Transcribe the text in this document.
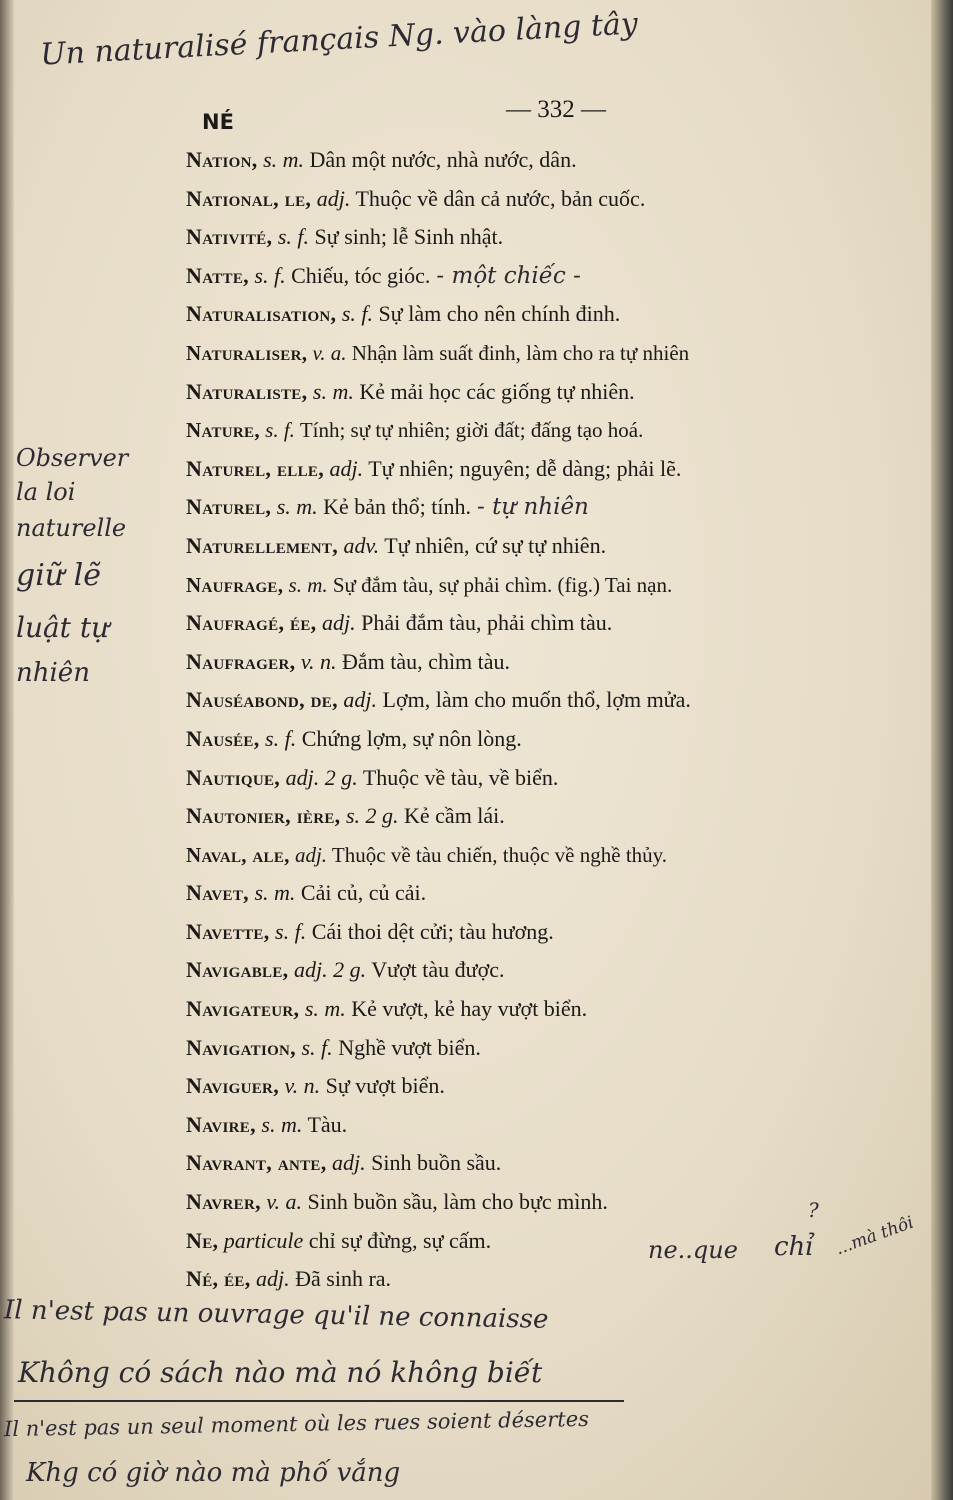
Un naturalisé français Ng. vào làng tây
NÉ	— 332 —
Nation, s. m. Dân một nước, nhà nước, dân.
National, le, adj. Thuộc về dân cả nước, bản cuốc.
Nativité, s. f. Sự sinh; lễ Sinh nhật.
Natte, s. f. Chiếu, tóc gióc. - một chiếc -
Naturalisation, s. f. Sự làm cho nên chính đinh.
Naturaliser, v. a. Nhận làm suất đinh, làm cho ra tự nhiên
Naturaliste, s. m. Kẻ mải học các giống tự nhiên.
Nature, s. f. Tính; sự tự nhiên; giời đất; đấng tạo hoá.
Naturel, elle, adj. Tự nhiên; nguyên; dễ dàng; phải lẽ.
Naturel, s. m. Kẻ bản thổ; tính. - tự nhiên
Naturellement, adv. Tự nhiên, cứ sự tự nhiên.
Naufrage, s. m. Sự đắm tàu, sự phải chìm. (fig.) Tai nạn.
Naufragé, ée, adj. Phải đắm tàu, phải chìm tàu.
Naufrager, v. n. Đắm tàu, chìm tàu.
Nauséabond, de, adj. Lợm, làm cho muốn thổ, lợm mửa.
Nausée, s. f. Chứng lợm, sự nôn lòng.
Nautique, adj. 2 g. Thuộc về tàu, về biển.
Nautonier, ière, s. 2 g. Kẻ cầm lái.
Naval, ale, adj. Thuộc về tàu chiến, thuộc về nghề thủy.
Navet, s. m. Cải củ, củ cải.
Navette, s. f. Cái thoi dệt cửi; tàu hương.
Navigable, adj. 2 g. Vượt tàu được.
Navigateur, s. m. Kẻ vượt, kẻ hay vượt biển.
Navigation, s. f. Nghề vượt biển.
Naviguer, v. n. Sự vượt biển.
Navire, s. m. Tàu.
Navrant, ante, adj. Sinh buồn sầu.
Navrer, v. a. Sinh buồn sầu, làm cho bực mình.
Ne, particule chỉ sự đừng, sự cấm.
Né, ée, adj. Đã sinh ra.
ne..que chỉ ...mà thôi
?
Observer
la loi
naturelle
giữ lẽ
luật tự
nhiên
Il n'est pas un ouvrage qu'il ne connaisse
Không có sách nào mà nó không biết
Il n'est pas un seul moment où les rues soient désertes
Khg có giờ nào mà phố vắng
